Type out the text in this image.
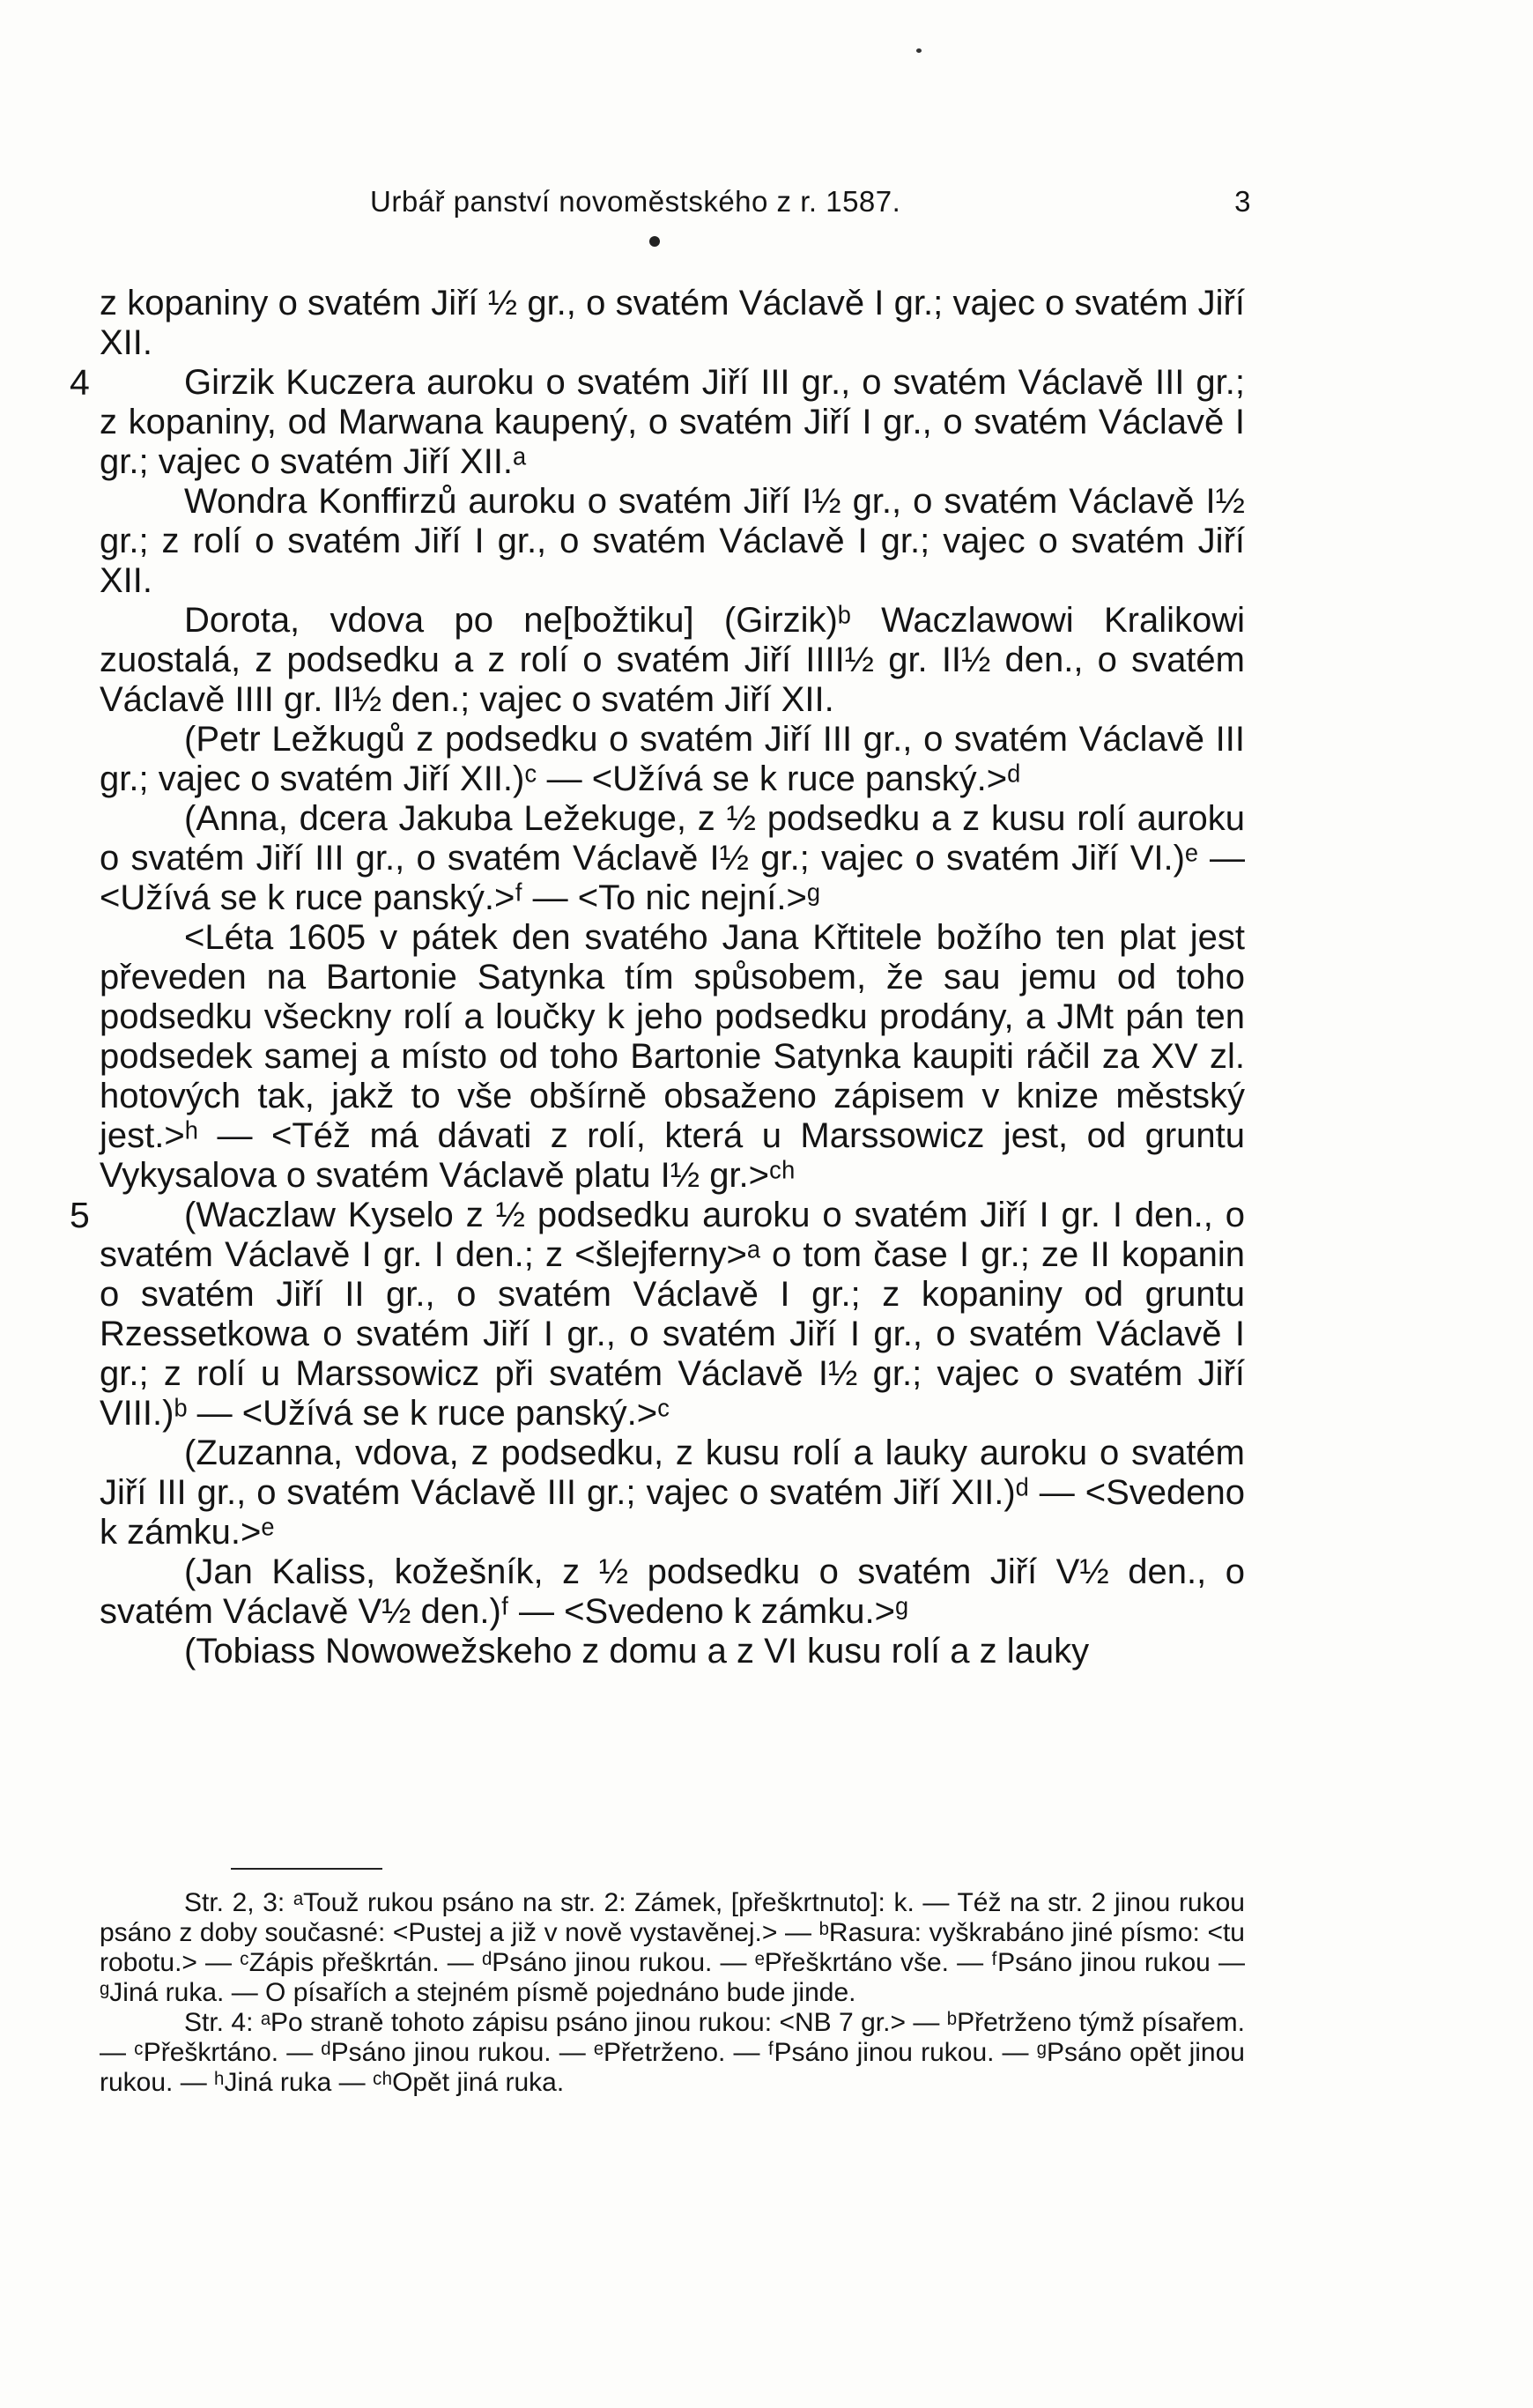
Urbář panství novoměstského z r. 1587.	3

z kopaniny o svatém Jiří ½ gr., o svatém Václavě I gr.; vajec o svatém Jiří XII.

4	Girzik Kuczera auroku o svatém Jiří III gr., o svatém Václavě III gr.; z kopaniny, od Marwana kaupený, o svatém Jiří I gr., o svatém Václavě I gr.; vajec o svatém Jiří XII.ᵃ

Wondra Konffirzů auroku o svatém Jiří I½ gr., o svatém Václavě I½ gr.; z rolí o svatém Jiří I gr., o svatém Václavě I gr.; vajec o svatém Jiří XII.

Dorota, vdova po ne[božtiku] (Girzik)ᵇ Waczlawowi Kralikowi zuostalá, z podsedku a z rolí o svatém Jiří IIII½ gr. II½ den., o svatém Václavě IIII gr. II½ den.; vajec o svatém Jiří XII.

(Petr Ležkugů z podsedku o svatém Jiří III gr., o svatém Václavě III gr.; vajec o svatém Jiří XII.)ᶜ — <Užívá se k ruce panský.>ᵈ

(Anna, dcera Jakuba Ležekuge, z ½ podsedku a z kusu rolí auroku o svatém Jiří III gr., o svatém Václavě I½ gr.; vajec o svatém Jiří VI.)ᵉ — <Užívá se k ruce panský.>ᶠ — <To nic nejní.>ᵍ

<Léta 1605 v pátek den svatého Jana Křtitele božího ten plat jest převeden na Bartonie Satynka tím spůsobem, že sau jemu od toho podsedku všeckny rolí a loučky k jeho podsedku prodány, a JMt pán ten podsedek samej a místo od toho Bartonie Satynka kaupiti ráčil za XV zl. hotových tak, jakž to vše obšírně obsaženo zápisem v knize městský jest.>ʰ — <Též má dávati z rolí, která u Marssowicz jest, od gruntu Vykysalova o svatém Václavě platu I½ gr.>ᶜʰ

5	(Waczlaw Kyselo z ½ podsedku auroku o svatém Jiří I gr. I den., o svatém Václavě I gr. I den.; z <šlejferny>ᵃ o tom čase I gr.; ze II kopanin o svatém Jiří II gr., o svatém Václavě I gr.; z kopaniny od gruntu Rzessetkowa o svatém Jiří I gr., o svatém Jiří I gr., o svatém Václavě I gr.; z rolí u Marssowicz při svatém Václavě I½ gr.; vajec o svatém Jiří VIII.)ᵇ — <Užívá se k ruce panský.>ᶜ

(Zuzanna, vdova, z podsedku, z kusu rolí a lauky auroku o svatém Jiří III gr., o svatém Václavě III gr.; vajec o svatém Jiří XII.)ᵈ — <Svedeno k zámku.>ᵉ

(Jan Kaliss, kožešník, z ½ podsedku o svatém Jiří V½ den., o svatém Václavě V½ den.)ᶠ — <Svedeno k zámku.>ᵍ

(Tobiass Nowowežskeho z domu a z VI kusu rolí a z lauky

Str. 2, 3: ᵃTouž rukou psáno na str. 2: Zámek, [přeškrtnuto]: k. — Též na str. 2 jinou rukou psáno z doby současné: <Pustej a již v nově vystavěnej.> — ᵇRasura: vyškrabáno jiné písmo: <tu robotu.> — ᶜZápis přeškrtán. — ᵈPsáno jinou rukou. — ᵉPřeškrtáno vše. — ᶠPsáno jinou rukou — ᵍJiná ruka. — O písařích a stejném písmě pojednáno bude jinde.

Str. 4: ᵃPo straně tohoto zápisu psáno jinou rukou: <NB 7 gr.> — ᵇPřetrženo týmž písařem. — ᶜPřeškrtáno. — ᵈPsáno jinou rukou. — ᵉPřetrženo. — ᶠPsáno jinou rukou. — ᵍPsáno opět jinou rukou. — ʰJiná ruka — ᶜʰOpět jiná ruka.
